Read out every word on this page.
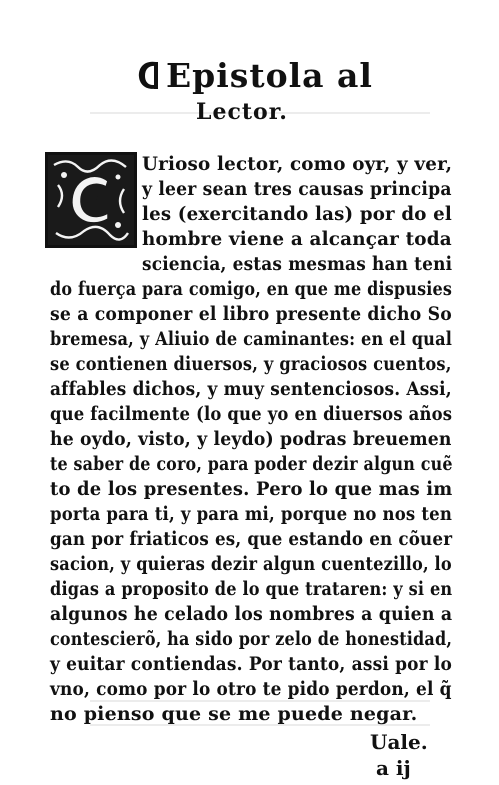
Epistola al
Lector.
Urioso lector, como oyr, y ver,
y leer sean tres causas principa
les (exercitando las) por do el
hombre viene a alcançar toda
sciencia, estas mesmas han teni
do fuerça para comigo, en que me dispusies
se a componer el libro presente dicho So
bremesa, y Aliuio de caminantes: en el qual
se contienen diuersos, y graciosos cuentos,
affables dichos, y muy sentenciosos. Assi,
que facilmente (lo que yo en diuersos años
he oydo, visto, y leydo) podras breuemen
te saber de coro, para poder dezir algun cuẽ
to de los presentes. Pero lo que mas im
porta para ti, y para mi, porque no nos ten
gan por friaticos es, que estando en cõuer
sacion, y quieras dezir algun cuentezillo, lo
digas a proposito de lo que trataren: y si en
algunos he celado los nombres a quien a
contescierõ, ha sido por zelo de honestidad,
y euitar contiendas. Por tanto, assi por lo
vno, como por lo otro te pido perdon, el q̃
no pienso que se me puede negar.
Uale.
a ij
